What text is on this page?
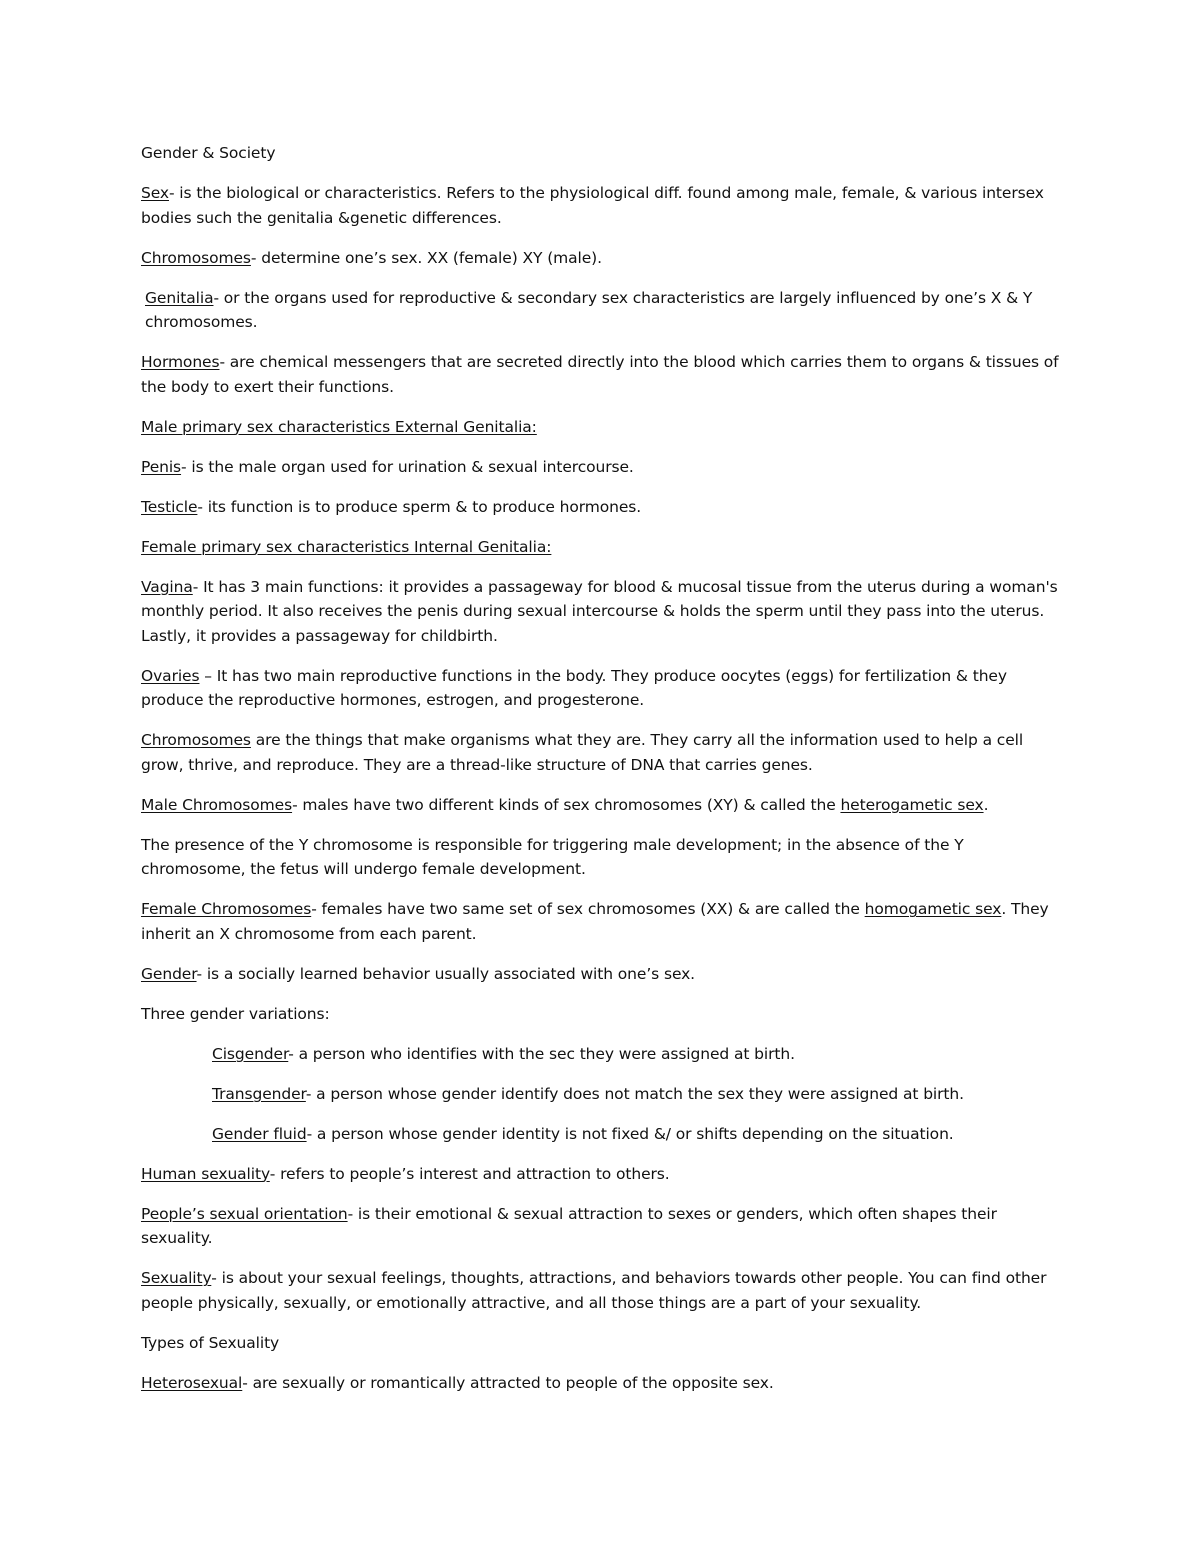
Gender & Society

Sex- is the biological or characteristics. Refers to the physiological diff. found among male, female, & various intersex bodies such the genitalia &genetic differences.

Chromosomes- determine one’s sex. XX (female) XY (male).

Genitalia- or the organs used for reproductive & secondary sex characteristics are largely influenced by one’s X & Y chromosomes.

Hormones- are chemical messengers that are secreted directly into the blood which carries them to organs & tissues of the body to exert their functions.

Male primary sex characteristics External Genitalia:

Penis- is the male organ used for urination & sexual intercourse.

Testicle- its function is to produce sperm & to produce hormones.

Female primary sex characteristics Internal Genitalia:

Vagina- It has 3 main functions: it provides a passageway for blood & mucosal tissue from the uterus during a woman's monthly period. It also receives the penis during sexual intercourse & holds the sperm until they pass into the uterus. Lastly, it provides a passageway for childbirth.

Ovaries – It has two main reproductive functions in the body. They produce oocytes (eggs) for fertilization & they produce the reproductive hormones, estrogen, and progesterone.

Chromosomes are the things that make organisms what they are. They carry all the information used to help a cell grow, thrive, and reproduce. They are a thread-like structure of DNA that carries genes.

Male Chromosomes- males have two different kinds of sex chromosomes (XY) & called the heterogametic sex.

The presence of the Y chromosome is responsible for triggering male development; in the absence of the Y chromosome, the fetus will undergo female development.

Female Chromosomes- females have two same set of sex chromosomes (XX) & are called the homogametic sex. They inherit an X chromosome from each parent.

Gender- is a socially learned behavior usually associated with one’s sex.

Three gender variations:

Cisgender- a person who identifies with the sec they were assigned at birth.

Transgender- a person whose gender identify does not match the sex they were assigned at birth.

Gender fluid- a person whose gender identity is not fixed &/ or shifts depending on the situation.

Human sexuality- refers to people’s interest and attraction to others.

People’s sexual orientation- is their emotional & sexual attraction to sexes or genders, which often shapes their sexuality.

Sexuality- is about your sexual feelings, thoughts, attractions, and behaviors towards other people. You can find other people physically, sexually, or emotionally attractive, and all those things are a part of your sexuality.

Types of Sexuality

Heterosexual- are sexually or romantically attracted to people of the opposite sex.
